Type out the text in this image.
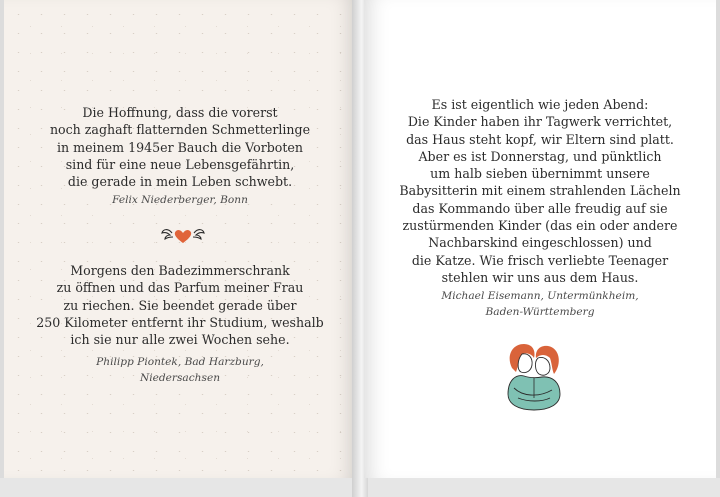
Die Hoffnung, dass die vorerst

noch zaghaft flatternden Schmetterlinge

in meinem 1945er Bauch die Vorboten

sind für eine neue Lebensgefährtin,

die gerade in mein Leben schwebt.

Felix Niederberger, Bonn

Morgens den Badezimmerschrank

zu öffnen und das Parfum meiner Frau

zu riechen. Sie beendet gerade über

250 Kilometer entfernt ihr Studium, weshalb

ich sie nur alle zwei Wochen sehe.

Philipp Piontek, Bad Harzburg,

Niedersachsen

Es ist eigentlich wie jeden Abend:

Die Kinder haben ihr Tagwerk verrichtet,

das Haus steht kopf, wir Eltern sind platt.

Aber es ist Donnerstag, und pünktlich

um halb sieben übernimmt unsere

Babysitterin mit einem strahlenden Lächeln

das Kommando über alle freudig auf sie

zustürmenden Kinder (das ein oder andere

Nachbarskind eingeschlossen) und

die Katze. Wie frisch verliebte Teenager

stehlen wir uns aus dem Haus.

Michael Eisemann, Untermünkheim,

Baden-Württemberg
